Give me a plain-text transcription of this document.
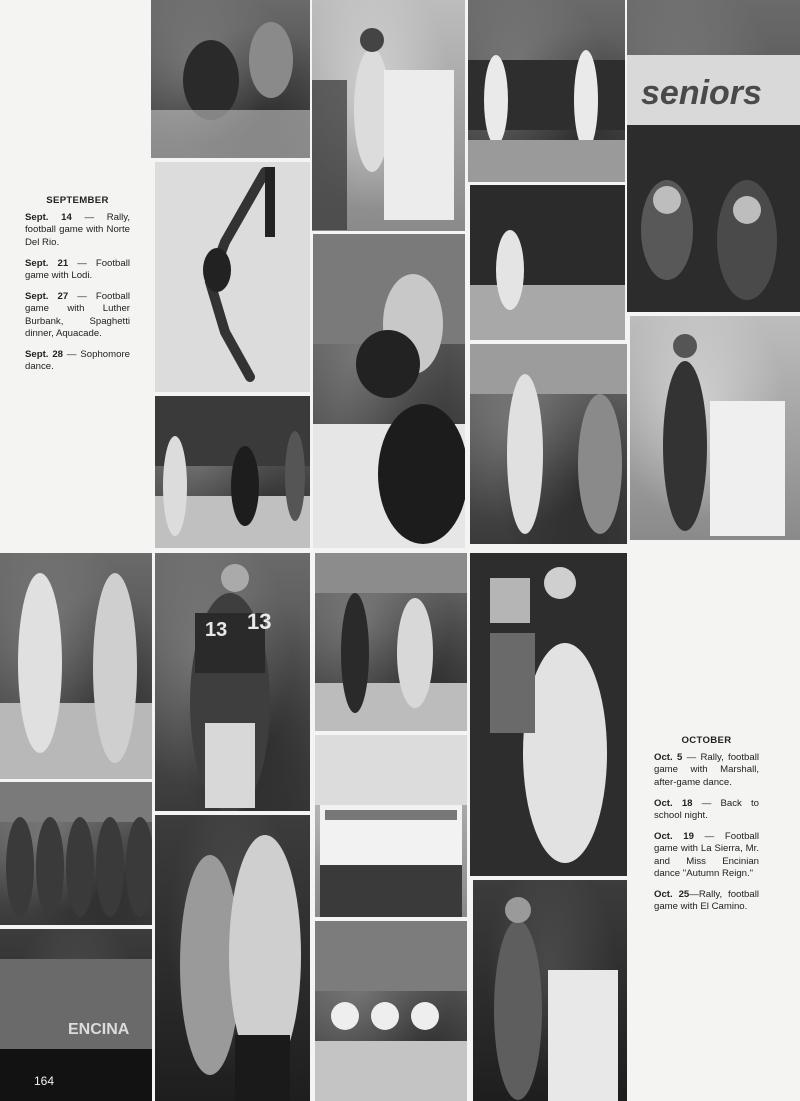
seniors
SEPTEMBER

Sept. 14 — Rally, football game with Norte Del Rio.

Sept. 21 — Football game with Lodi.

Sept. 27 — Football game with Luther Burbank, Spaghetti dinner, Aquacade.

Sept. 28 — Sophomore dance.

13 13
ENCINA
OCTOBER

Oct. 5 — Rally, football game with Marshall, after-game dance.

Oct. 18 — Back to school night.

Oct. 19 — Football game with La Sierra, Mr. and Miss Encinian dance "Autumn Reign."

Oct. 25—Rally, football game with El Camino.

164
